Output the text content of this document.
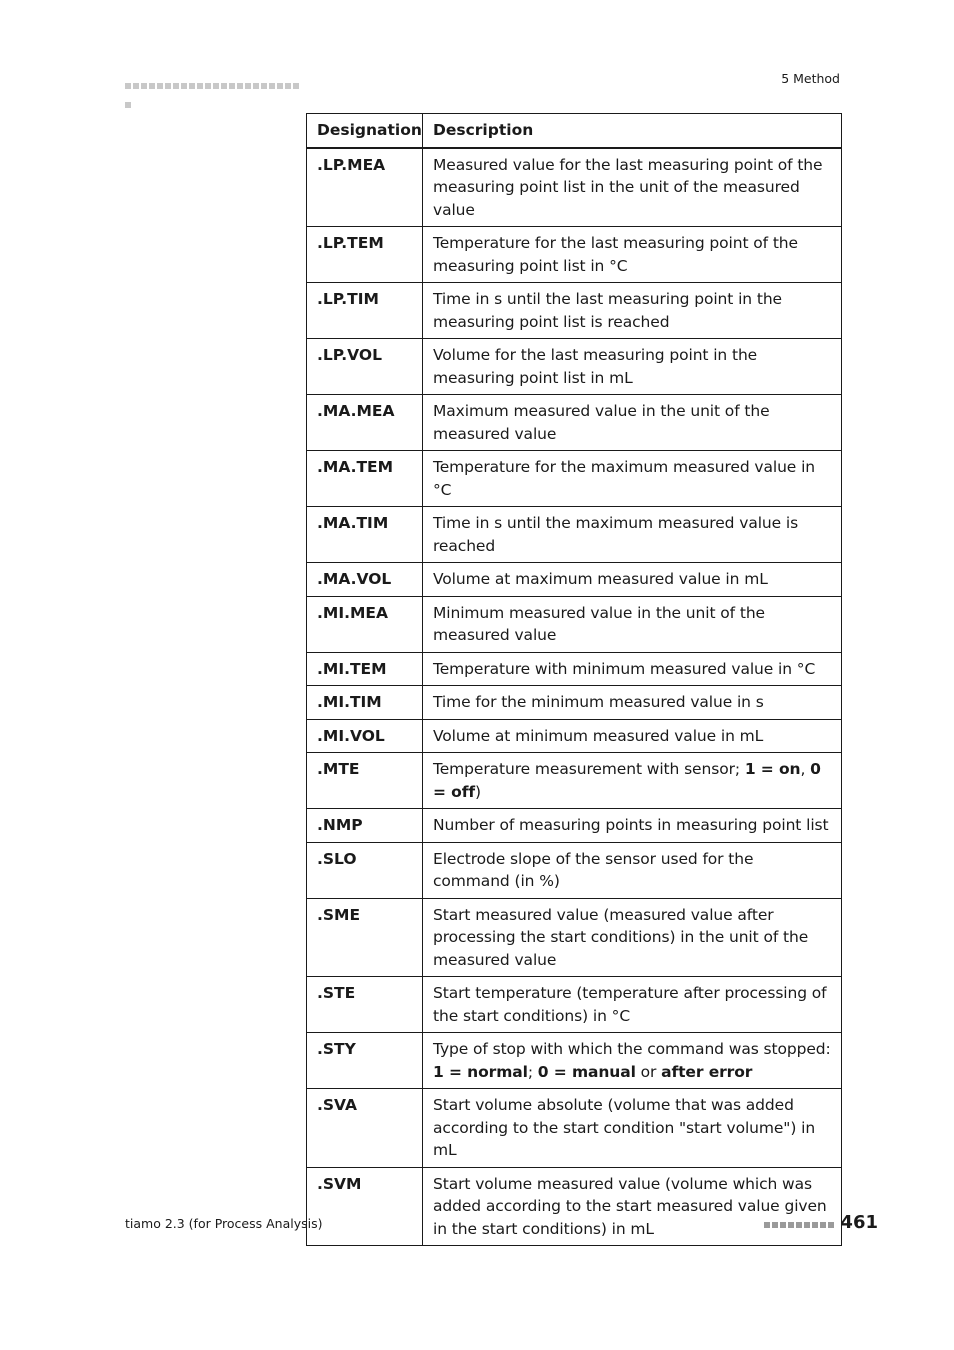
5 Method
Designation	Description
.LP.MEA	Measured value for the last measuring point of the measuring point list in the unit of the measured value
.LP.TEM	Temperature for the last measuring point of the measuring point list in °C
.LP.TIM	Time in s until the last measuring point in the measuring point list is reached
.LP.VOL	Volume for the last measuring point in the measuring point list in mL
.MA.MEA	Maximum measured value in the unit of the measured value
.MA.TEM	Temperature for the maximum measured value in °C
.MA.TIM	Time in s until the maximum measured value is reached
.MA.VOL	Volume at maximum measured value in mL
.MI.MEA	Minimum measured value in the unit of the measured value
.MI.TEM	Temperature with minimum measured value in °C
.MI.TIM	Time for the minimum measured value in s
.MI.VOL	Volume at minimum measured value in mL
.MTE	Temperature measurement with sensor; 1 = on, 0 = off)
.NMP	Number of measuring points in measuring point list
.SLO	Electrode slope of the sensor used for the command (in %)
.SME	Start measured value (measured value after processing the start conditions) in the unit of the measured value
.STE	Start temperature (temperature after processing of the start conditions) in °C
.STY	Type of stop with which the command was stopped: 1 = normal; 0 = manual or after error
.SVA	Start volume absolute (volume that was added according to the start condition "start volume") in mL
.SVM	Start volume measured value (volume which was added according to the start measured value given in the start conditions) in mL
tiamo 2.3 (for Process Analysis)	461
